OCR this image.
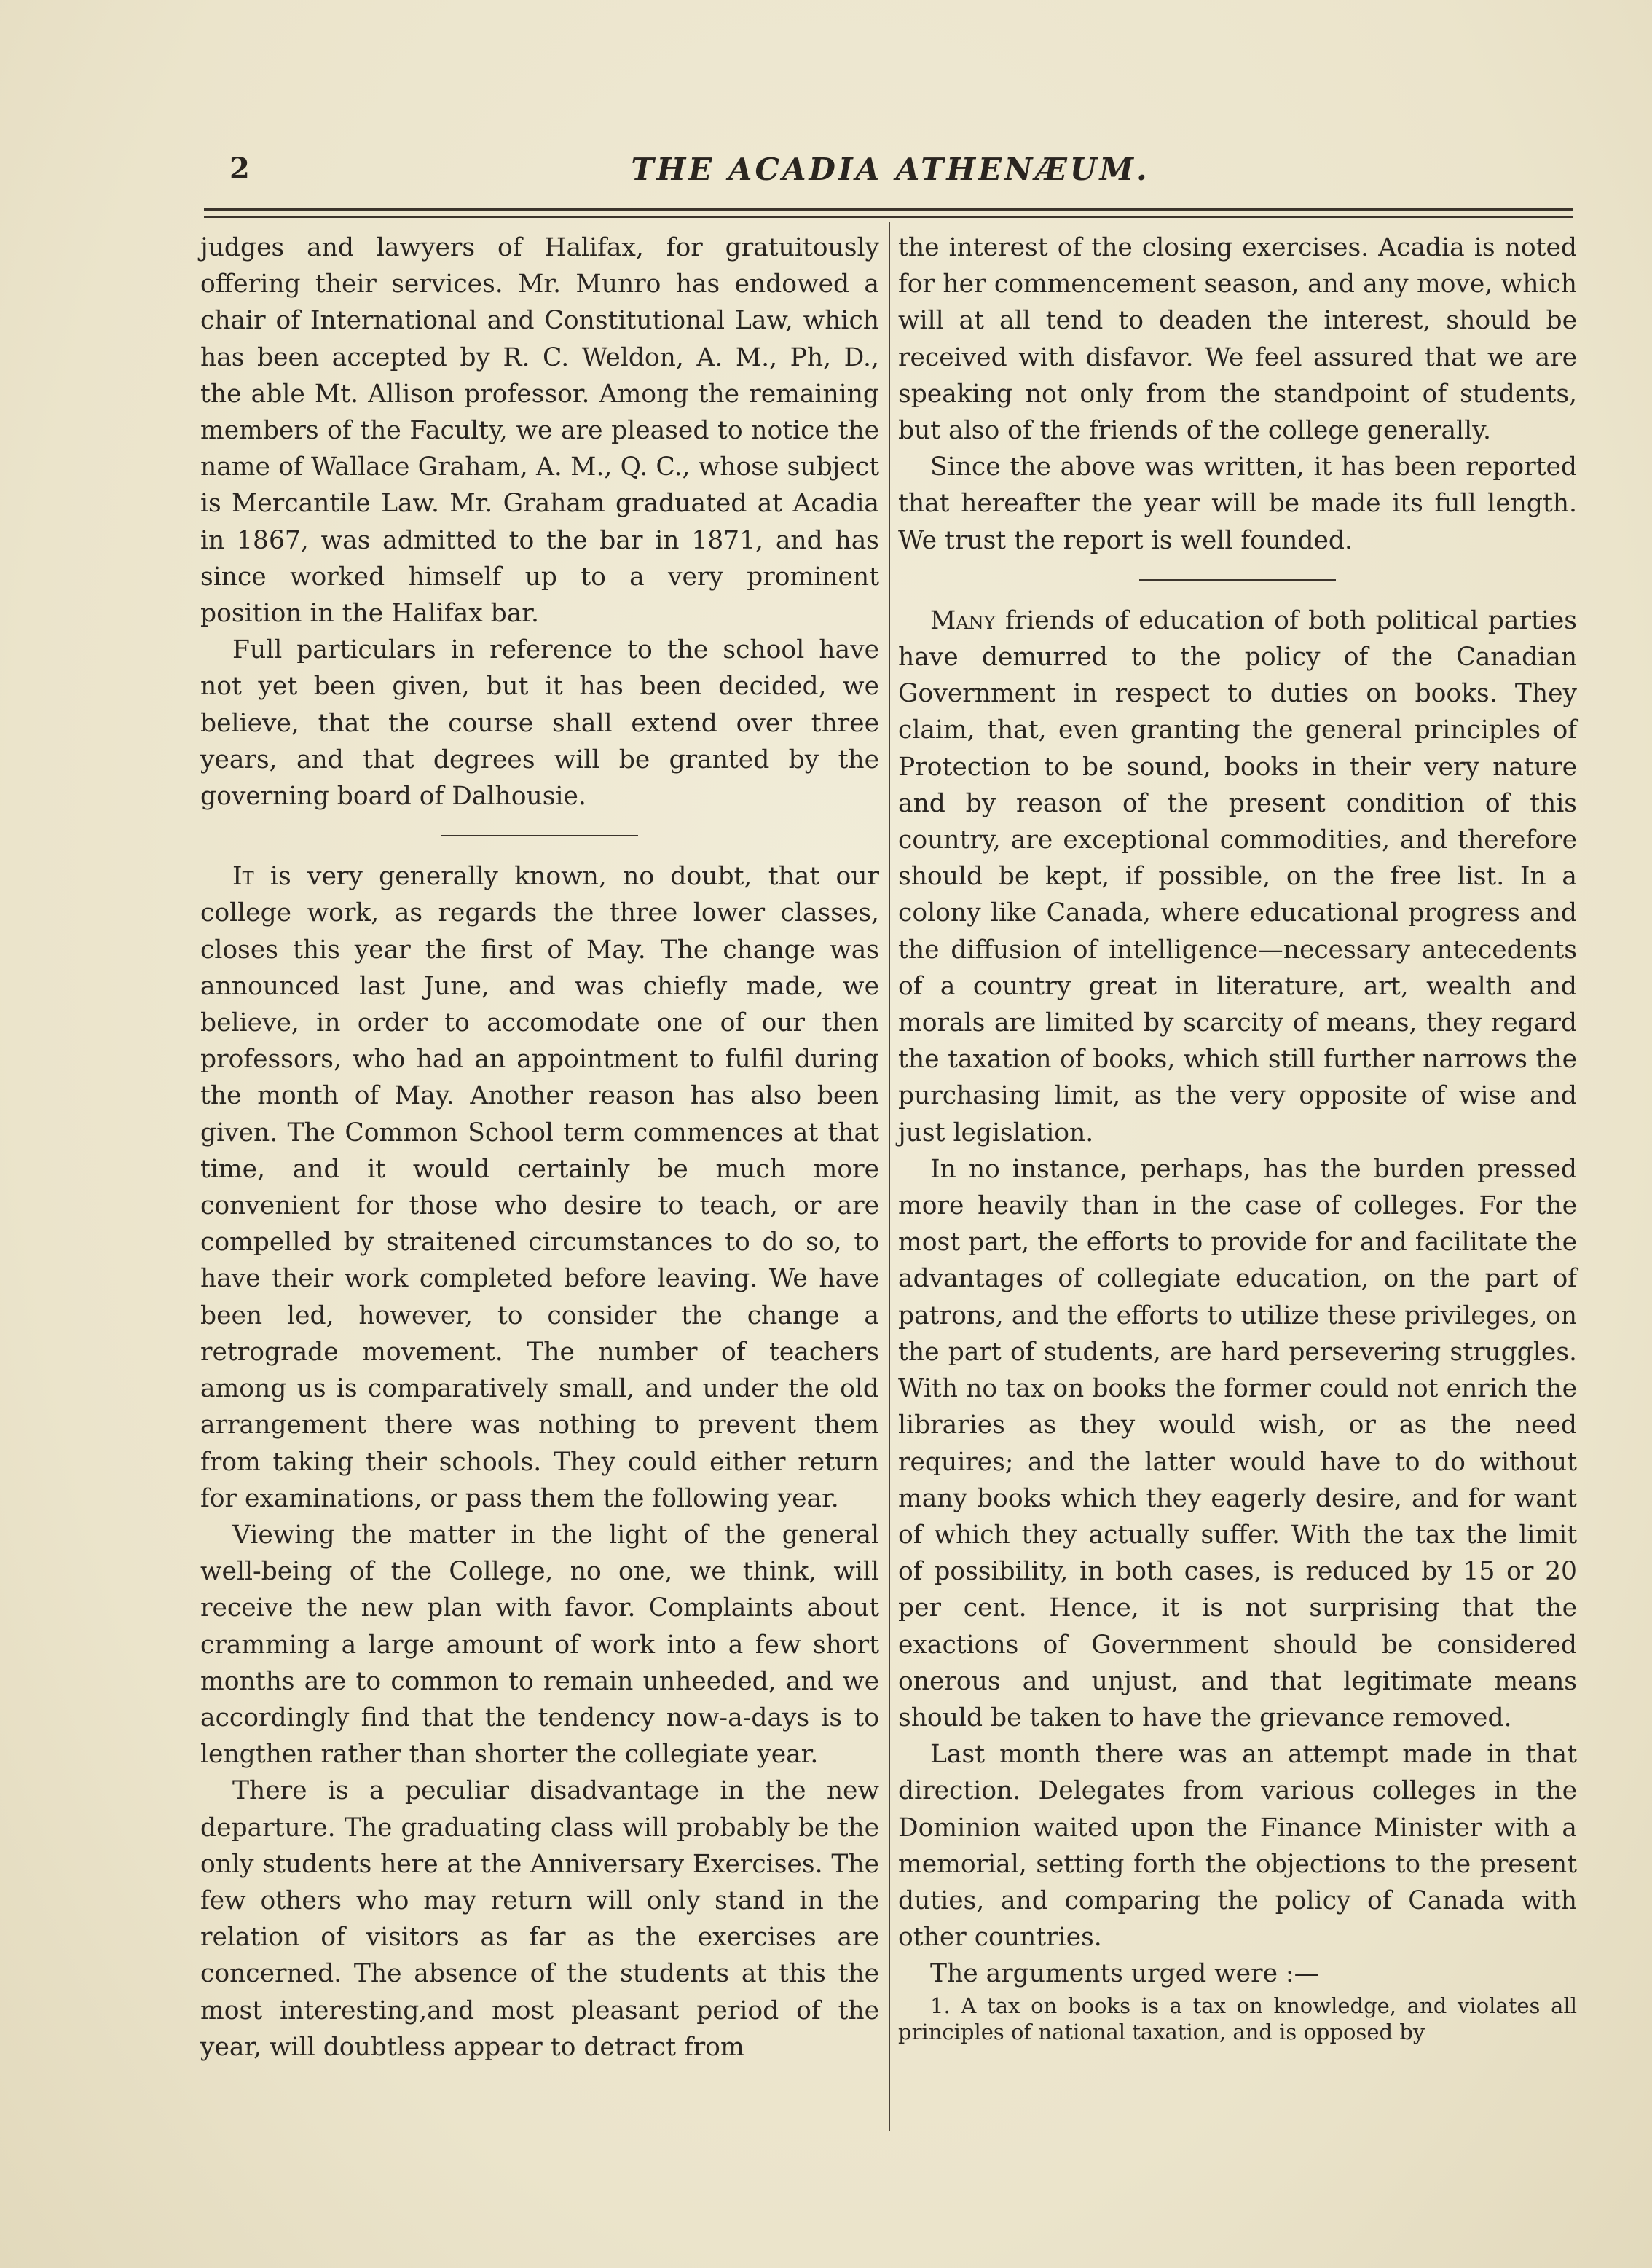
2	THE ACADIA ATHENÆUM.

judges and lawyers of Halifax, for gratuitously offering their services. Mr. Munro has endowed a chair of International and Constitutional Law, which has been accepted by R. C. Weldon, A. M., Ph, D., the able Mt. Allison professor. Among the remaining members of the Faculty, we are pleased to notice the name of Wallace Graham, A. M., Q. C., whose subject is Mercantile Law. Mr. Graham graduated at Acadia in 1867, was admitted to the bar in 1871, and has since worked himself up to a very prominent position in the Halifax bar.

Full particulars in reference to the school have not yet been given, but it has been decided, we believe, that the course shall extend over three years, and that degrees will be granted by the governing board of Dalhousie.

It is very generally known, no doubt, that our college work, as regards the three lower classes, closes this year the first of May. The change was announced last June, and was chiefly made, we believe, in order to accomodate one of our then professors, who had an appointment to fulfil during the month of May. Another reason has also been given. The Common School term commences at that time, and it would certainly be much more convenient for those who desire to teach, or are compelled by straitened circumstances to do so, to have their work completed before leaving. We have been led, however, to consider the change a retrograde movement. The number of teachers among us is comparatively small, and under the old arrangement there was nothing to prevent them from taking their schools. They could either return for examinations, or pass them the following year.

Viewing the matter in the light of the general well-being of the College, no one, we think, will receive the new plan with favor. Complaints about cramming a large amount of work into a few short months are to common to remain unheeded, and we accordingly find that the tendency now-a-days is to lengthen rather than shorter the collegiate year.

There is a peculiar disadvantage in the new departure. The graduating class will probably be the only students here at the Anniversary Exercises. The few others who may return will only stand in the relation of visitors as far as the exercises are concerned. The absence of the students at this the most interesting,and most pleasant period of the year, will doubtless appear to detract from

the interest of the closing exercises. Acadia is noted for her commencement season, and any move, which will at all tend to deaden the interest, should be received with disfavor. We feel assured that we are speaking not only from the standpoint of students, but also of the friends of the college generally.

Since the above was written, it has been reported that hereafter the year will be made its full length. We trust the report is well founded.

Many friends of education of both political parties have demurred to the policy of the Canadian Government in respect to duties on books. They claim, that, even granting the general principles of Protection to be sound, books in their very nature and by reason of the present condition of this country, are exceptional commodities, and therefore should be kept, if possible, on the free list. In a colony like Canada, where educational progress and the diffusion of intelligence—necessary antecedents of a country great in literature, art, wealth and morals are limited by scarcity of means, they regard the taxation of books, which still further narrows the purchasing limit, as the very opposite of wise and just legislation.

In no instance, perhaps, has the burden pressed more heavily than in the case of colleges. For the most part, the efforts to provide for and facilitate the advantages of collegiate education, on the part of patrons, and the efforts to utilize these privileges, on the part of students, are hard persevering struggles. With no tax on books the former could not enrich the libraries as they would wish, or as the need requires; and the latter would have to do without many books which they eagerly desire, and for want of which they actually suffer. With the tax the limit of possibility, in both cases, is reduced by 15 or 20 per cent. Hence, it is not surprising that the exactions of Government should be considered onerous and unjust, and that legitimate means should be taken to have the grievance removed.

Last month there was an attempt made in that direction. Delegates from various colleges in the Dominion waited upon the Finance Minister with a memorial, setting forth the objections to the present duties, and comparing the policy of Canada with other countries.

The arguments urged were :—

1. A tax on books is a tax on knowledge, and violates all principles of national taxation, and is opposed by
